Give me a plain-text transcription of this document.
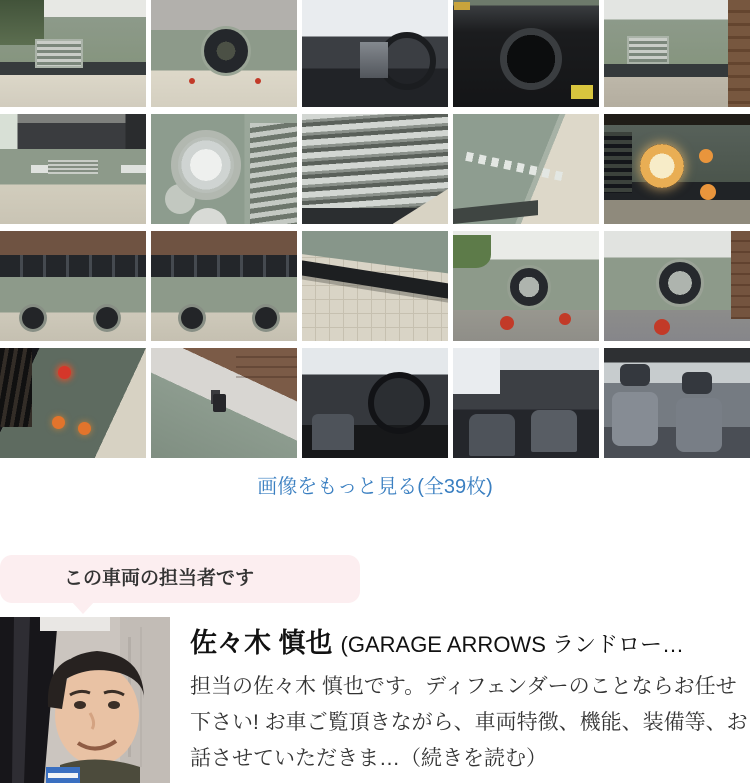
画像をもっと見る(全39枚)
この車両の担当者です
佐々木 慎也 (GARAGE ARROWS ランドロー…

担当の佐々木 慎也です。ディフェンダーのことならお任せ下さい! お車ご覧頂きながら、車両特徴、機能、装備等、お話させていただきま…（続きを読む）
